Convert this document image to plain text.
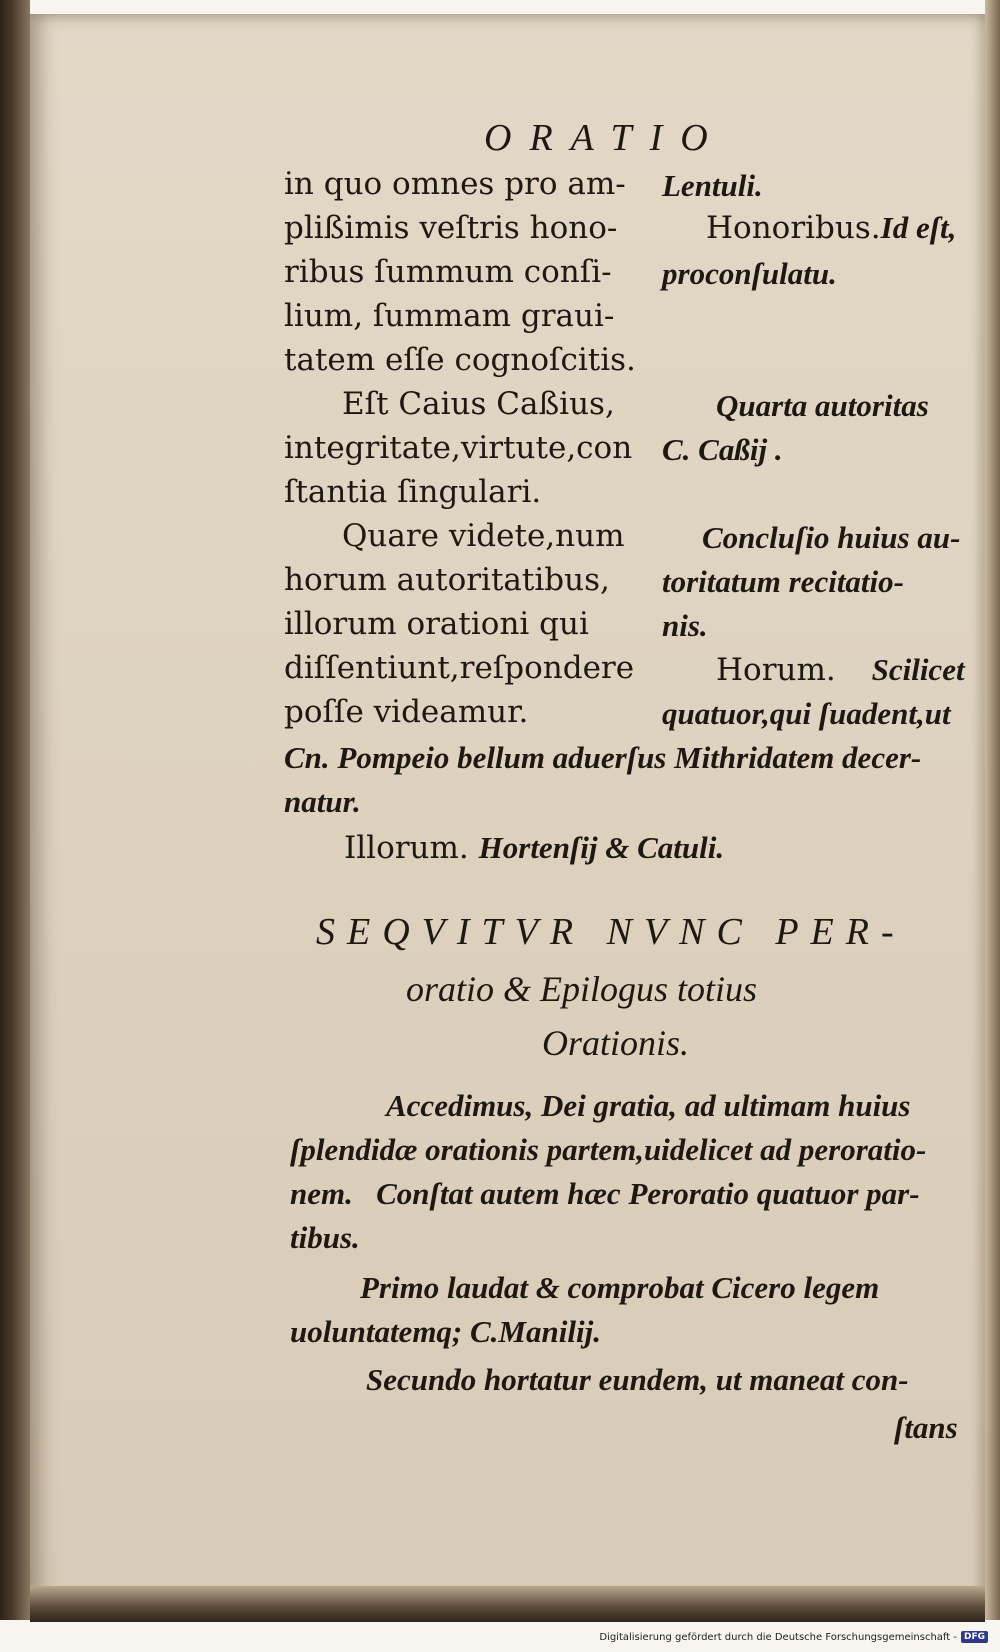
ORATIO
in quo omnes pro am-
plißimis veſtris hono-
ribus ſummum conſi-
lium, ſummam graui-
tatem eſſe cognoſcitis.
Eſt Caius Caßius,
integritate,virtute,con
ſtantia ſingulari.
Quare videte,num
horum autoritatibus,
illorum orationi qui
diſſentiunt,reſpondere
poſſe videamur.
Lentuli.
Honoribus.Id eſt,
proconſulatu.
Quarta autoritas
C. Caßij .
Concluſio huius au-
toritatum recitatio-
nis.
Horum. Scilicet
quatuor,qui ſuadent,ut
Cn. Pompeio bellum aduerſus Mithridatem decer-
natur.
Illorum. Hortenſij & Catuli.
SEQVITVR NVNC PER-
oratio & Epilogus totius
Orationis.
Accedimus, Dei gratia, ad ultimam huius
ſplendidæ orationis partem,uidelicet ad peroratio-
nem.   Conſtat autem hæc Peroratio quatuor par-
tibus.
Primo laudat & comprobat Cicero legem
uoluntatemq; C.Manilij.
Secundo hortatur eundem, ut maneat con-
ſtans
Digitalisierung gefördert durch die Deutsche Forschungsgemeinschaft - DFG
